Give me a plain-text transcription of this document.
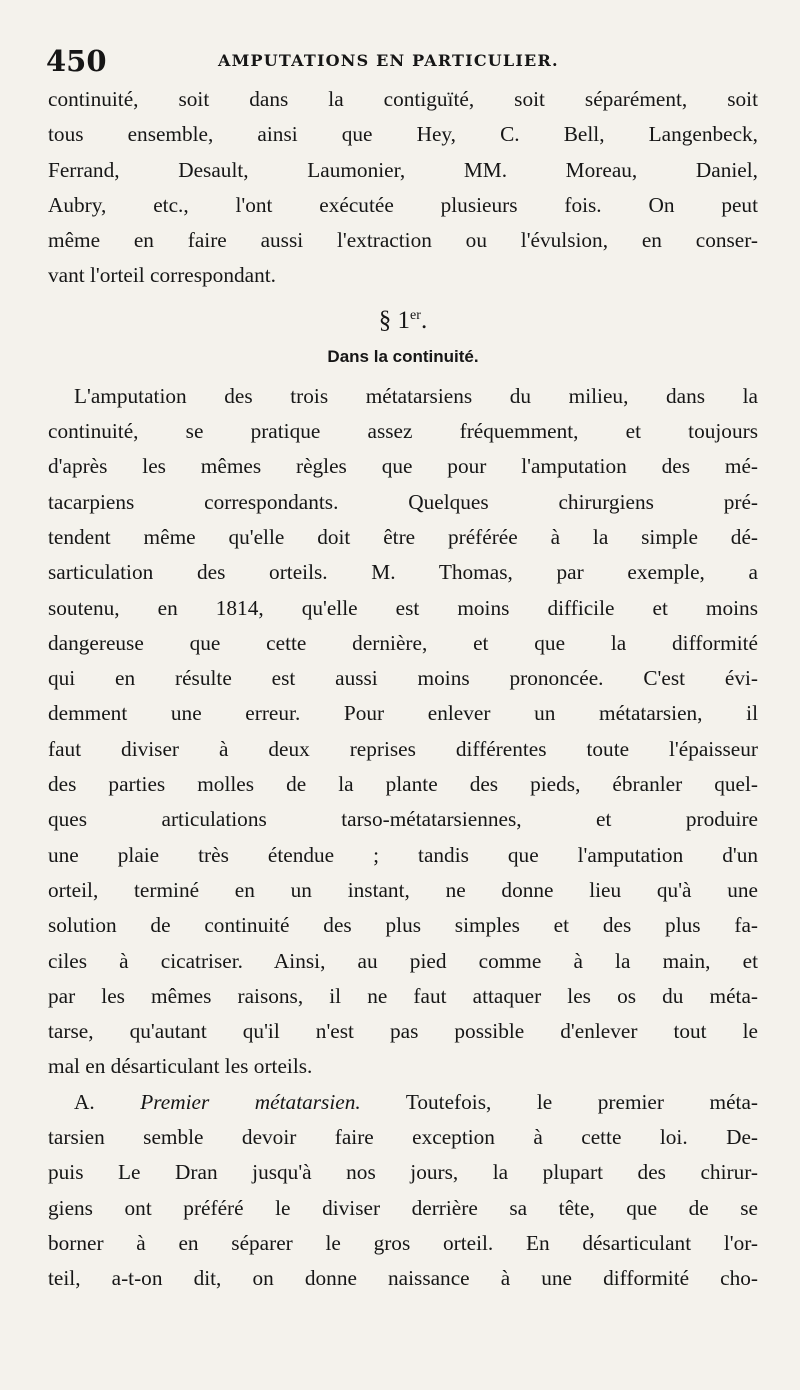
450	AMPUTATIONS EN PARTICULIER.
continuité, soit dans la contiguïté, soit séparément, soit
tous ensemble, ainsi que Hey, C. Bell, Langenbeck,
Ferrand, Desault, Laumonier, MM. Moreau, Daniel,
Aubry, etc., l'ont exécutée plusieurs fois. On peut
même en faire aussi l'extraction ou l'évulsion, en conser-
vant l'orteil correspondant.
§ 1er.
Dans la continuité.
L'amputation des trois métatarsiens du milieu, dans la
continuité, se pratique assez fréquemment, et toujours
d'après les mêmes règles que pour l'amputation des mé-
tacarpiens correspondants. Quelques chirurgiens pré-
tendent même qu'elle doit être préférée à la simple dé-
sarticulation des orteils. M. Thomas, par exemple, a
soutenu, en 1814, qu'elle est moins difficile et moins
dangereuse que cette dernière, et que la difformité
qui en résulte est aussi moins prononcée. C'est évi-
demment une erreur. Pour enlever un métatarsien, il
faut diviser à deux reprises différentes toute l'épaisseur
des parties molles de la plante des pieds, ébranler quel-
ques articulations tarso-métatarsiennes, et produire
une plaie très étendue ; tandis que l'amputation d'un
orteil, terminé en un instant, ne donne lieu qu'à une
solution de continuité des plus simples et des plus fa-
ciles à cicatriser. Ainsi, au pied comme à la main, et
par les mêmes raisons, il ne faut attaquer les os du méta-
tarse, qu'autant qu'il n'est pas possible d'enlever tout le
mal en désarticulant les orteils.
A. Premier métatarsien. Toutefois, le premier méta-
tarsien semble devoir faire exception à cette loi. De-
puis Le Dran jusqu'à nos jours, la plupart des chirur-
giens ont préféré le diviser derrière sa tête, que de se
borner à en séparer le gros orteil. En désarticulant l'or-
teil, a-t-on dit, on donne naissance à une difformité cho-
